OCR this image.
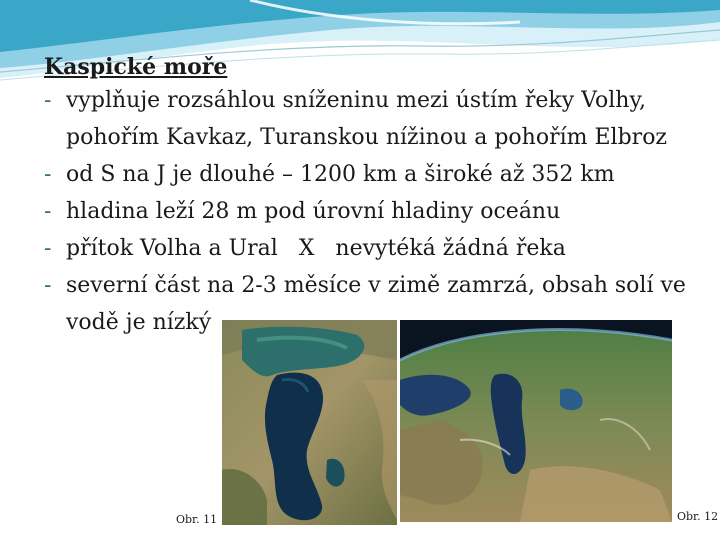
Kaspické moře

- vyplňuje rozsáhlou sníženinu mezi ústím řeky Volhy, pohořím Kavkaz, Turanskou nížinou a pohořím Elbroz
- od S na J je dlouhé – 1200 km a široké až 352 km
- hladina leží 28 m pod úrovní hladiny oceánu
- přítok Volha a Ural   X   nevytéká žádná řeka
- severní část na 2-3 měsíce v zimě zamrzá, obsah solí ve vodě je nízký
Obr. 11	Obr. 12
